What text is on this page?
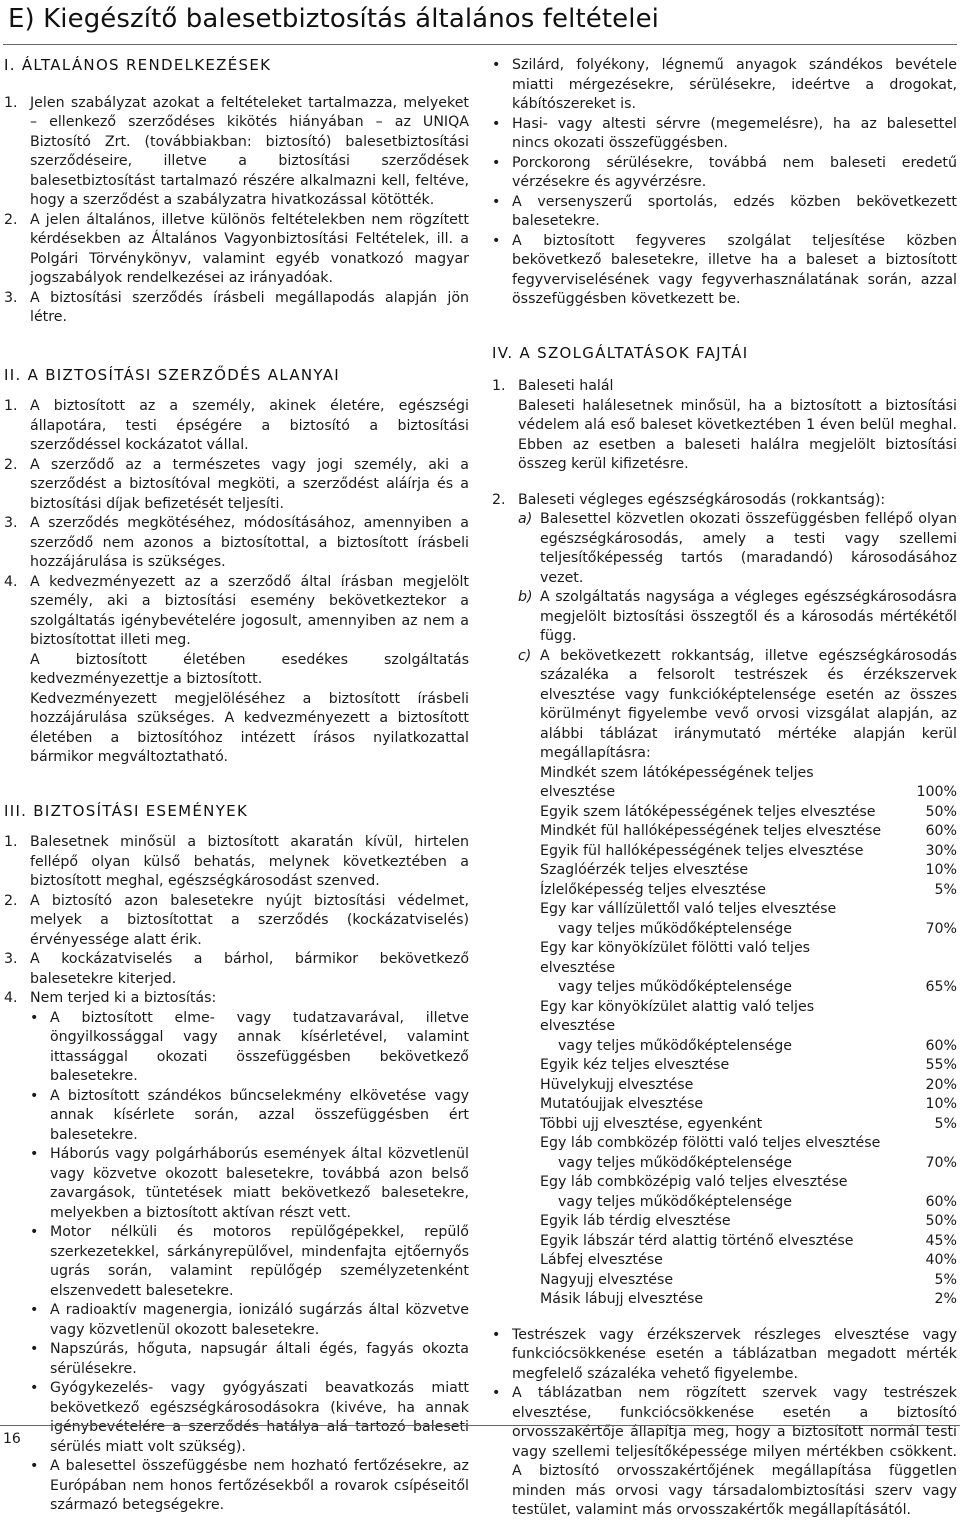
E) Kiegészítő balesetbiztosítás általános feltételei
I. ÁLTALÁNOS RENDELKEZÉSEK
1. Jelen szabályzat azokat a feltételeket tartalmazza, melyeket – ellenkező szerződéses kikötés hiányában – az UNIQA Biztosító Zrt. (továbbiakban: biztosító) balesetbiztosítási szerződéseire, illetve a biztosítási szerződések balesetbiztosítást tartalmazó részére alkalmazni kell, feltéve, hogy a szerződést a szabályzatra hivatkozással kötötték.
2. A jelen általános, illetve különös feltételekben nem rögzített kérdésekben az Általános Vagyonbiztosítási Feltételek, ill. a Polgári Törvénykönyv, valamint egyéb vonatkozó magyar jogszabályok rendelkezései az irányadóak.
3. A biztosítási szerződés írásbeli megállapodás alapján jön létre.
II. A BIZTOSÍTÁSI SZERZŐDÉS ALANYAI
1. A biztosított az a személy, akinek életére, egészségi állapotára, testi épségére a biztosító a biztosítási szerződéssel kockázatot vállal.
2. A szerződő az a természetes vagy jogi személy, aki a szerződést a biztosítóval megköti, a szerződést aláírja és a biztosítási díjak befizetését teljesíti.
3. A szerződés megkötéséhez, módosításához, amennyiben a szerződő nem azonos a biztosítottal, a biztosított írásbeli hozzájárulása is szükséges.
4. A kedvezményezett az a szerződő által írásban megjelölt személy, aki a biztosítási esemény bekövetkeztekor a szolgáltatás igénybevételére jogosult, amennyiben az nem a biztosítottat illeti meg.

A biztosított életében esedékes szolgáltatás kedvezményezettje a biztosított.

Kedvezményezett megjelöléséhez a biztosított írásbeli hozzájárulása szükséges. A kedvezményezett a biztosított életében a biztosítóhoz intézett írásos nyilatkozattal bármikor megváltoztatható.

III. BIZTOSÍTÁSI ESEMÉNYEK
1. Balesetnek minősül a biztosított akaratán kívül, hirtelen fellépő olyan külső behatás, melynek következtében a biztosított meghal, egészségkárosodást szenved.
2. A biztosító azon balesetekre nyújt biztosítási védelmet, melyek a biztosítottat a szerződés (kockázatviselés) érvényessége alatt érik.
3. A kockázatviselés a bárhol, bármikor bekövetkező balesetekre kiterjed.
4. Nem terjed ki a biztosítás:
• A biztosított elme- vagy tudatzavarával, illetve öngyilkossággal vagy annak kísérletével, valamint ittassággal okozati összefüggésben bekövetkező balesetekre.
• A biztosított szándékos bűncselekmény elkövetése vagy annak kísérlete során, azzal összefüggésben ért balesetekre.
• Háborús vagy polgárháborús események által közvetlenül vagy közvetve okozott balesetekre, továbbá azon belső zavargások, tüntetések miatt bekövetkező balesetekre, melyekben a biztosított aktívan részt vett.
• Motor nélküli és motoros repülőgépekkel, repülő szerkezetekkel, sárkányrepülővel, mindenfajta ejtőernyős ugrás során, valamint repülőgép személyzetenként elszenvedett balesetekre.
• A radioaktív magenergia, ionizáló sugárzás által közvetve vagy közvetlenül okozott balesetekre.
• Napszúrás, hőguta, napsugár általi égés, fagyás okozta sérülésekre.
• Gyógykezelés- vagy gyógyászati beavatkozás miatt bekövetkező egészségkárosodásokra (kivéve, ha annak igénybevételére a szerződés hatálya alá tartozó baleseti sérülés miatt volt szükség).
• A balesettel összefüggésbe nem hozható fertőzésekre, az Európában nem honos fertőzésekből a rovarok csípéseitől származó betegségekre.
• Szilárd, folyékony, légnemű anyagok szándékos bevétele miatti mérgezésekre, sérülésekre, ideértve a drogokat, kábítószereket is.
• Hasi- vagy altesti sérvre (megemelésre), ha az balesettel nincs okozati összefüggésben.
• Porckorong sérülésekre, továbbá nem baleseti eredetű vérzésekre és agyvérzésre.
• A versenyszerű sportolás, edzés közben bekövetkezett balesetekre.
• A biztosított fegyveres szolgálat teljesítése közben bekövetkező balesetekre, illetve ha a baleset a biztosított fegyverviselésének vagy fegyverhasználatának során, azzal összefüggésben következett be.
IV. A SZOLGÁLTATÁSOK FAJTÁI
1. Baleseti halál

Baleseti halálesetnek minősül, ha a biztosított a biztosítási védelem alá eső baleset következtében 1 éven belül meghal. Ebben az esetben a baleseti halálra megjelölt biztosítási összeg kerül kifizetésre.

2. Baleseti végleges egészségkárosodás (rokkantság):
a) Balesettel közvetlen okozati összefüggésben fellépő olyan egészségkárosodás, amely a testi vagy szellemi teljesítőképesség tartós (maradandó) károsodásához vezet.
b) A szolgáltatás nagysága a végleges egészségkárosodásra megjelölt biztosítási összegtől és a károsodás mértékétől függ.
c) A bekövetkezett rokkantság, illetve egészségkárosodás százaléka a felsorolt testrészek és érzékszervek elvesztése vagy funkcióképtelensége esetén az összes körülményt figyelembe vevő orvosi vizsgálat alapján, az alábbi táblázat iránymutató mértéke alapján kerül megállapításra:
Mindkét szem látóképességének teljes elvesztése	100%
Egyik szem látóképességének teljes elvesztése	50%
Mindkét fül hallóképességének teljes elvesztése	60%
Egyik fül hallóképességének teljes elvesztése	30%
Szaglóérzék teljes elvesztése	10%
Ízlelőképesség teljes elvesztése	5%
Egy kar vállízülettől való teljes elvesztése	
vagy teljes működőképtelensége	70%
Egy kar könyökízület fölötti való teljes elvesztése	
vagy teljes működőképtelensége	65%
Egy kar könyökízület alattig való teljes elvesztése	
vagy teljes működőképtelensége	60%
Egyik kéz teljes elvesztése	55%
Hüvelykujj elvesztése	20%
Mutatóujjak elvesztése	10%
Többi ujj elvesztése, egyenként	5%
Egy láb combközép fölötti való teljes elvesztése	
vagy teljes működőképtelensége	70%
Egy láb combközépig való teljes elvesztése	
vagy teljes működőképtelensége	60%
Egyik láb térdig elvesztése	50%
Egyik lábszár térd alattig történő elvesztése	45%
Lábfej elvesztése	40%
Nagyujj elvesztése	5%
Másik lábujj elvesztése	2%
• Testrészek vagy érzékszervek részleges elvesztése vagy funkciócsökkenése esetén a táblázatban megadott mérték megfelelő százaléka vehető figyelembe.
• A táblázatban nem rögzített szervek vagy testrészek elvesztése, funkciócsökkenése esetén a biztosító orvosszakértője állapítja meg, hogy a biztosított normál testi vagy szellemi teljesítőképessége milyen mértékben csökkent. A biztosító orvosszakértőjének megállapítása független minden más orvosi vagy társadalombiztosítási szerv vagy testület, valamint más orvosszakértők megállapításától.
16
